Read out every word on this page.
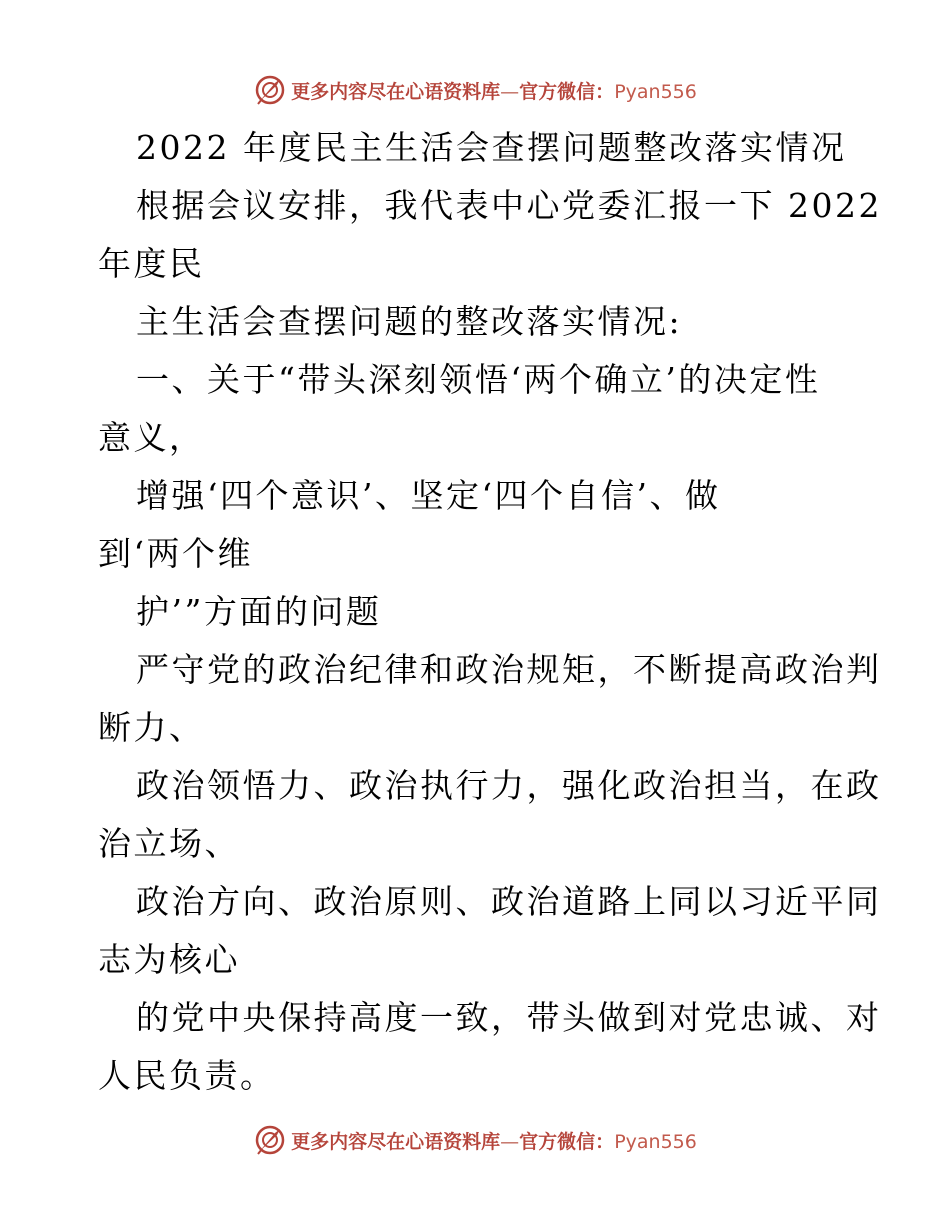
更多内容尽在心语资料库—官方微信：Pyan556
2022 年度民主生活会查摆问题整改落实情况
根据会议安排，我代表中心党委汇报一下 2022
年度民
主生活会查摆问题的整改落实情况:
一、关于“带头深刻领悟‘两个确立’的决定性
意义，
增强‘四个意识’、坚定‘四个自信’、做
到‘两个维
护’”方面的问题
严守党的政治纪律和政治规矩，不断提高政治判
断力、
政治领悟力、政治执行力，强化政治担当，在政
治立场、
政治方向、政治原则、政治道路上同以习近平同
志为核心
的党中央保持高度一致，带头做到对党忠诚、对
人民负责。
更多内容尽在心语资料库—官方微信：Pyan556
